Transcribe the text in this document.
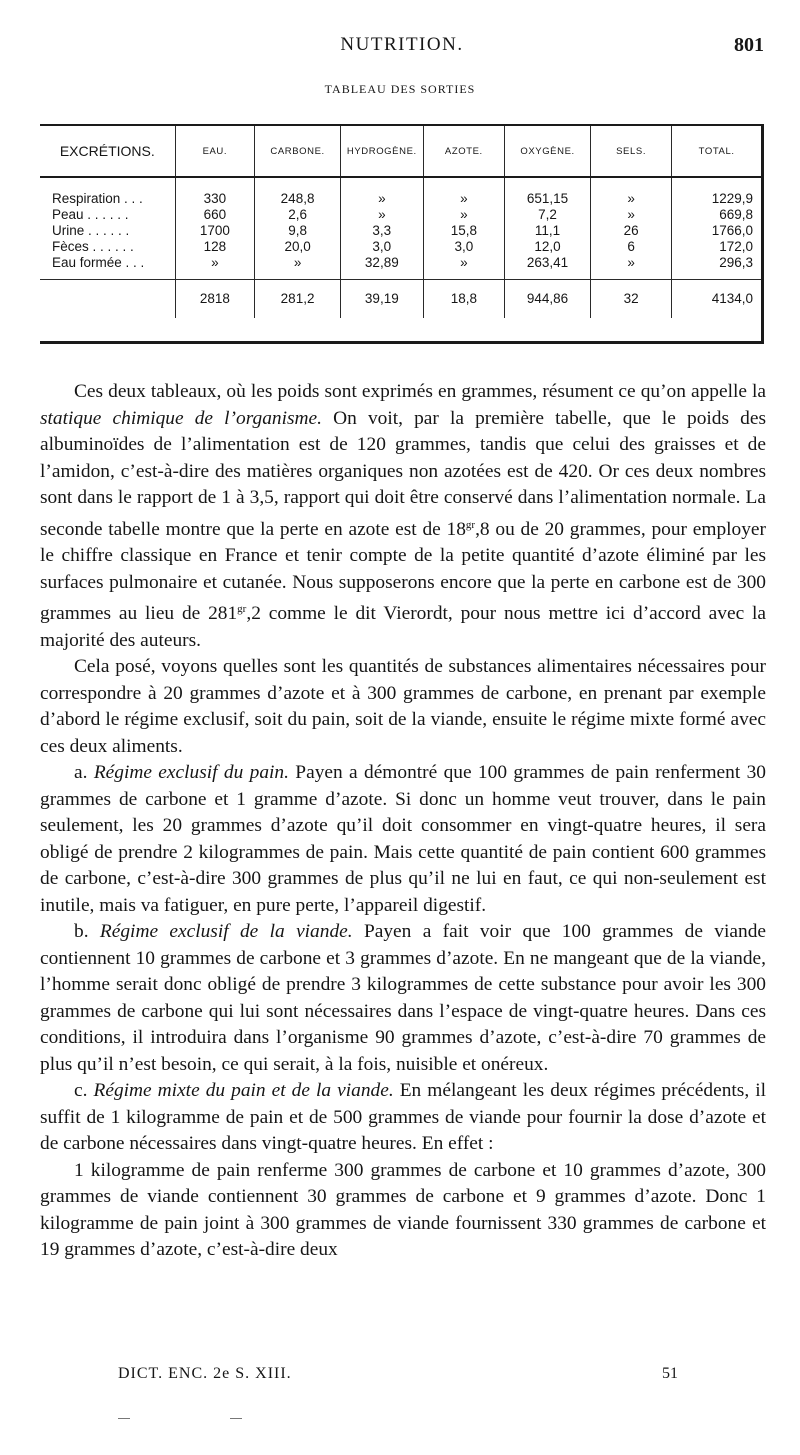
NUTRITION.	801
TABLEAU DES SORTIES
EXCRÉTIONS.	EAU.	CARBONE.	HYDROGÈNE.	AZOTE.	OXYGÈNE.	SELS.	TOTAL.

Respiration . . .	330	248,8	»	»	651,15	»	1229,9
Peau . . . . . .	660	2,6	»	»	7,2	»	669,8
Urine . . . . . .	1700	9,8	3,3	15,8	11,1	26	1766,0
Fèces . . . . . .	128	20,0	3,0	3,0	12,0	6	172,0
Eau formée . . .	»	»	32,89	»	263,41	»	296,3
	2818	281,2	39,19	18,8	944,86	32	4134,0

Ces deux tableaux, où les poids sont exprimés en grammes, résument ce qu’on appelle la statique chimique de l’organisme. On voit, par la première tabelle, que le poids des albuminoïdes de l’alimentation est de 120 grammes, tandis que celui des graisses et de l’amidon, c’est-à-dire des matières organiques non azotées est de 420. Or ces deux nombres sont dans le rapport de 1 à 3,5, rapport qui doit être conservé dans l’alimentation normale. La seconde tabelle montre que la perte en azote est de $18^{gr},8$ ou de 20 grammes, pour employer le chiffre classique en France et tenir compte de la petite quantité d’azote éliminé par les surfaces pulmonaire et cutanée. Nous supposerons encore que la perte en carbone est de 300 grammes au lieu de $281^{gr},2$ comme le dit Vierordt, pour nous mettre ici d’accord avec la majorité des auteurs.

Cela posé, voyons quelles sont les quantités de substances alimentaires nécessaires pour correspondre à 20 grammes d’azote et à 300 grammes de carbone, en prenant par exemple d’abord le régime exclusif, soit du pain, soit de la viande, ensuite le régime mixte formé avec ces deux aliments.

a. Régime exclusif du pain. Payen a démontré que 100 grammes de pain renferment 30 grammes de carbone et 1 gramme d’azote. Si donc un homme veut trouver, dans le pain seulement, les 20 grammes d’azote qu’il doit consommer en vingt-quatre heures, il sera obligé de prendre 2 kilogrammes de pain. Mais cette quantité de pain contient 600 grammes de carbone, c’est-à-dire 300 grammes de plus qu’il ne lui en faut, ce qui non-seulement est inutile, mais va fatiguer, en pure perte, l’appareil digestif.

b. Régime exclusif de la viande. Payen a fait voir que 100 grammes de viande contiennent 10 grammes de carbone et 3 grammes d’azote. En ne mangeant que de la viande, l’homme serait donc obligé de prendre 3 kilogrammes de cette substance pour avoir les 300 grammes de carbone qui lui sont nécessaires dans l’espace de vingt-quatre heures. Dans ces conditions, il introduira dans l’organisme 90 grammes d’azote, c’est-à-dire 70 grammes de plus qu’il n’est besoin, ce qui serait, à la fois, nuisible et onéreux.

c. Régime mixte du pain et de la viande. En mélangeant les deux régimes précédents, il suffit de 1 kilogramme de pain et de 500 grammes de viande pour fournir la dose d’azote et de carbone nécessaires dans vingt-quatre heures. En effet :

1 kilogramme de pain renferme 300 grammes de carbone et 10 grammes d’azote, 300 grammes de viande contiennent 30 grammes de carbone et 9 grammes d’azote. Donc 1 kilogramme de pain joint à 300 grammes de viande fournissent 330 grammes de carbone et 19 grammes d’azote, c’est-à-dire deux

DICT. ENC. 2e S. XIII.	51
